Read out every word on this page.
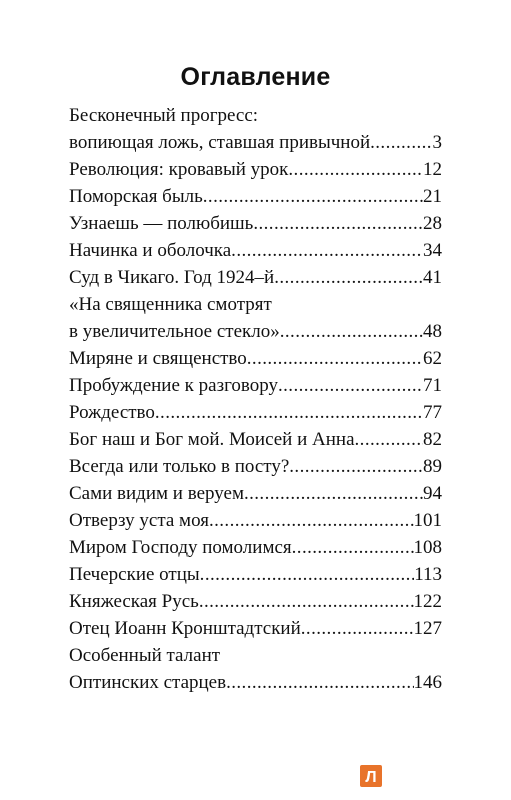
Оглавление
Бесконечный прогресс:
вопиющая ложь, ставшая привычной .....	3
Революция: кровавый урок .....	12
Поморская быль .....	21
Узнаешь — полюбишь .....	28
Начинка и оболочка .....	34
Суд в Чикаго. Год 1924–й .....	41
«На священника смотрят
в увеличительное стекло» .....	48
Миряне и священство .....	62
Пробуждение к разговору .....	71
Рождество .....	77
Бог наш и Бог мой. Моисей и Анна .....	82
Всегда или только в посту? .....	89
Сами видим и веруем .....	94
Отверзу уста моя .....	101
Миром Господу помолимся .....	108
Печерские отцы .....	113
Княжеская Русь .....	122
Отец Иоанн Кронштадтский .....	127
Особенный талант
Оптинских старцев .....	146
Л
